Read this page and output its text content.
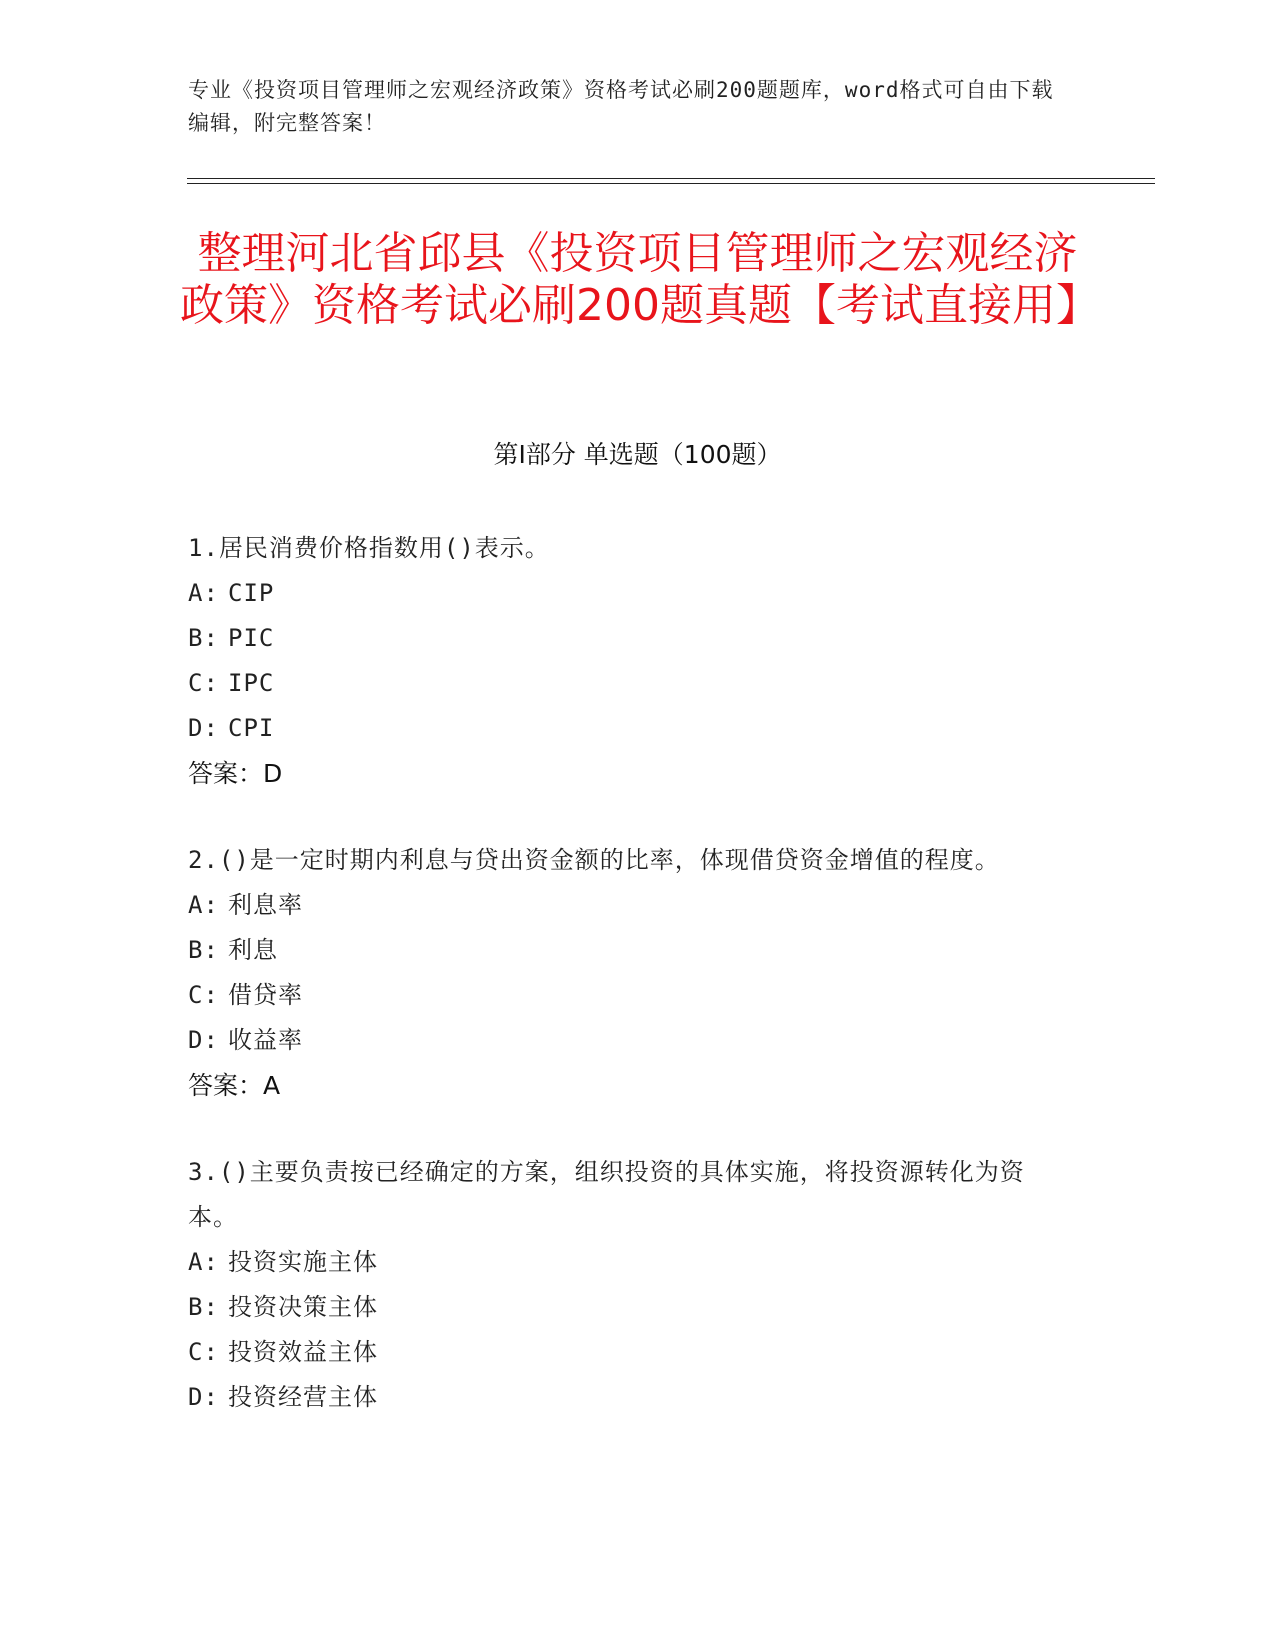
专业《投资项目管理师之宏观经济政策》资格考试必刷200题题库，word格式可自由下载编辑，附完整答案！
整理河北省邱县《投资项目管理师之宏观经济政策》资格考试必刷200题真题【考试直接用】
第Ⅰ部分 单选题（100题）
1.居民消费价格指数用()表示。
A: CIP
B: PIC
C: IPC
D: CPI
答案：D
2.()是一定时期内利息与贷出资金额的比率，体现借贷资金增值的程度。
A: 利息率
B: 利息
C: 借贷率
D: 收益率
答案：A
3.()主要负责按已经确定的方案，组织投资的具体实施，将投资源转化为资本。
A: 投资实施主体
B: 投资决策主体
C: 投资效益主体
D: 投资经营主体
